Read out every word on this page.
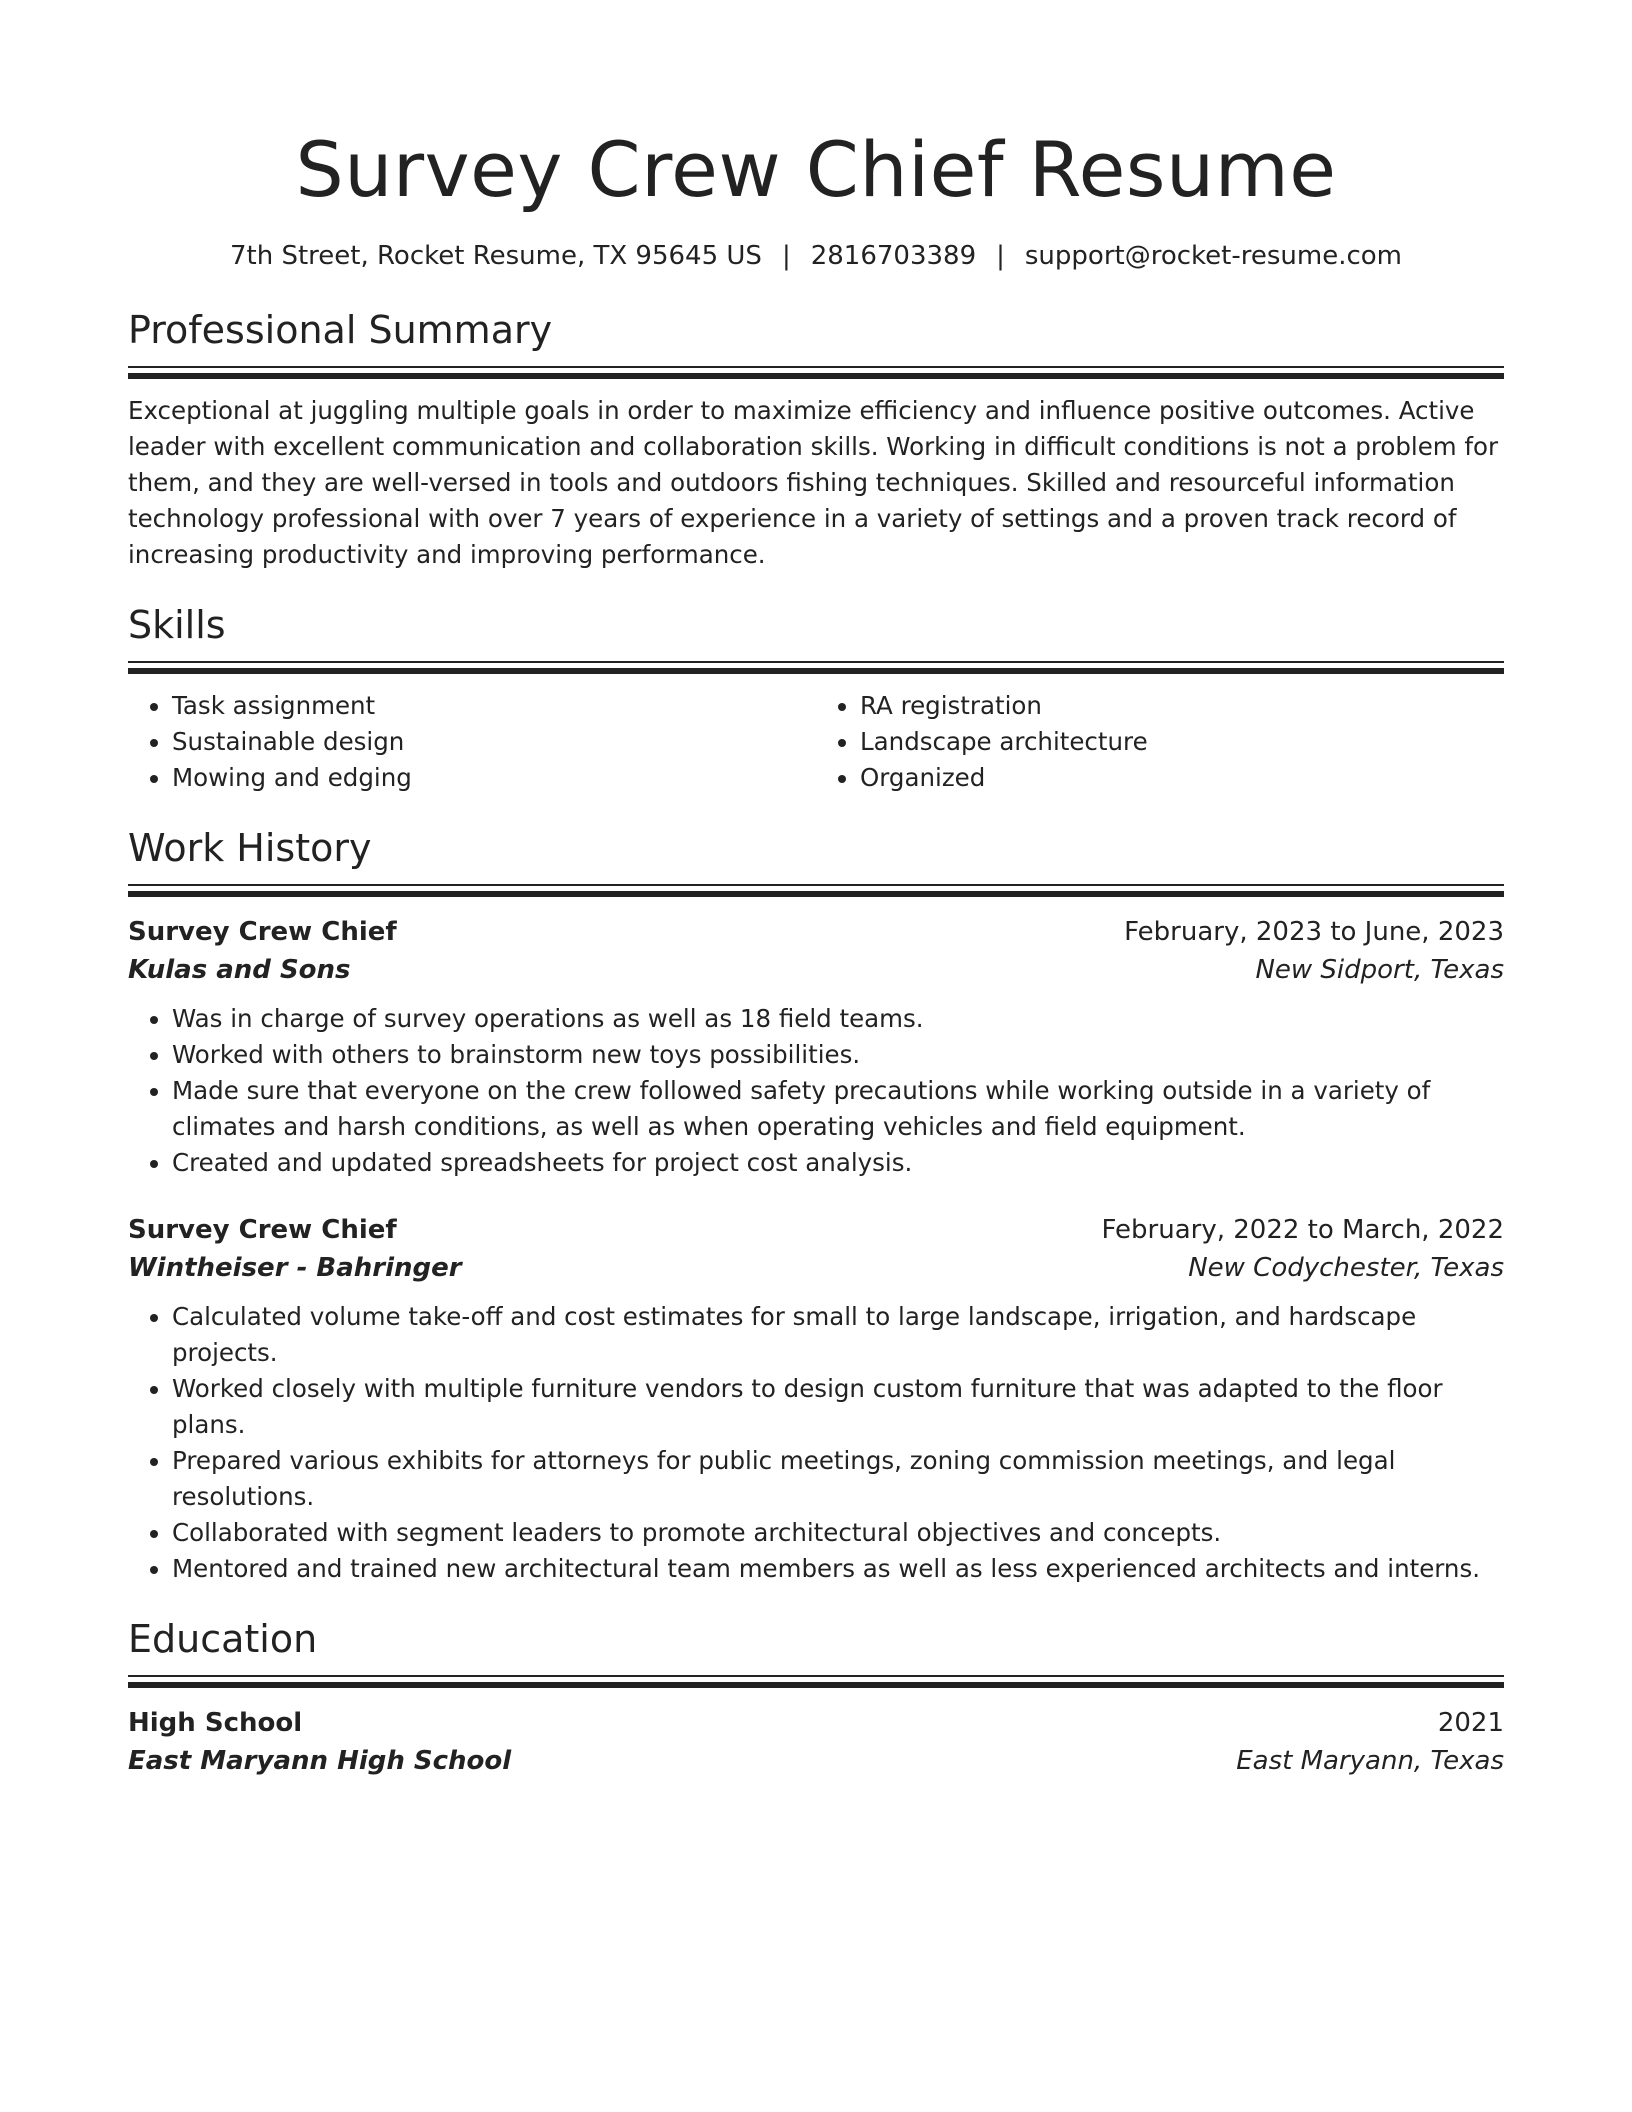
Survey Crew Chief Resume
7th Street, Rocket Resume, TX 95645 US | 2816703389 | support@rocket-resume.com
Professional Summary

Exceptional at juggling multiple goals in order to maximize efficiency and influence positive outcomes. Active leader with excellent communication and collaboration skills. Working in difficult conditions is not a problem for them, and they are well-versed in tools and outdoors fishing techniques. Skilled and resourceful information technology professional with over 7 years of experience in a variety of settings and a proven track record of increasing productivity and improving performance.

Skills
• Task assignment
• Sustainable design
• Mowing and edging
• RA registration
• Landscape architecture
• Organized
Work History
Survey Crew Chief	February, 2023 to June, 2023
Kulas and Sons	New Sidport, Texas
• Was in charge of survey operations as well as 18 field teams.
• Worked with others to brainstorm new toys possibilities.
• Made sure that everyone on the crew followed safety precautions while working outside in a variety of climates and harsh conditions, as well as when operating vehicles and field equipment.
• Created and updated spreadsheets for project cost analysis.
Survey Crew Chief	February, 2022 to March, 2022
Wintheiser - Bahringer	New Codychester, Texas
• Calculated volume take-off and cost estimates for small to large landscape, irrigation, and hardscape projects.
• Worked closely with multiple furniture vendors to design custom furniture that was adapted to the floor plans.
• Prepared various exhibits for attorneys for public meetings, zoning commission meetings, and legal resolutions.
• Collaborated with segment leaders to promote architectural objectives and concepts.
• Mentored and trained new architectural team members as well as less experienced architects and interns.
Education
High School	2021
East Maryann High School	East Maryann, Texas
